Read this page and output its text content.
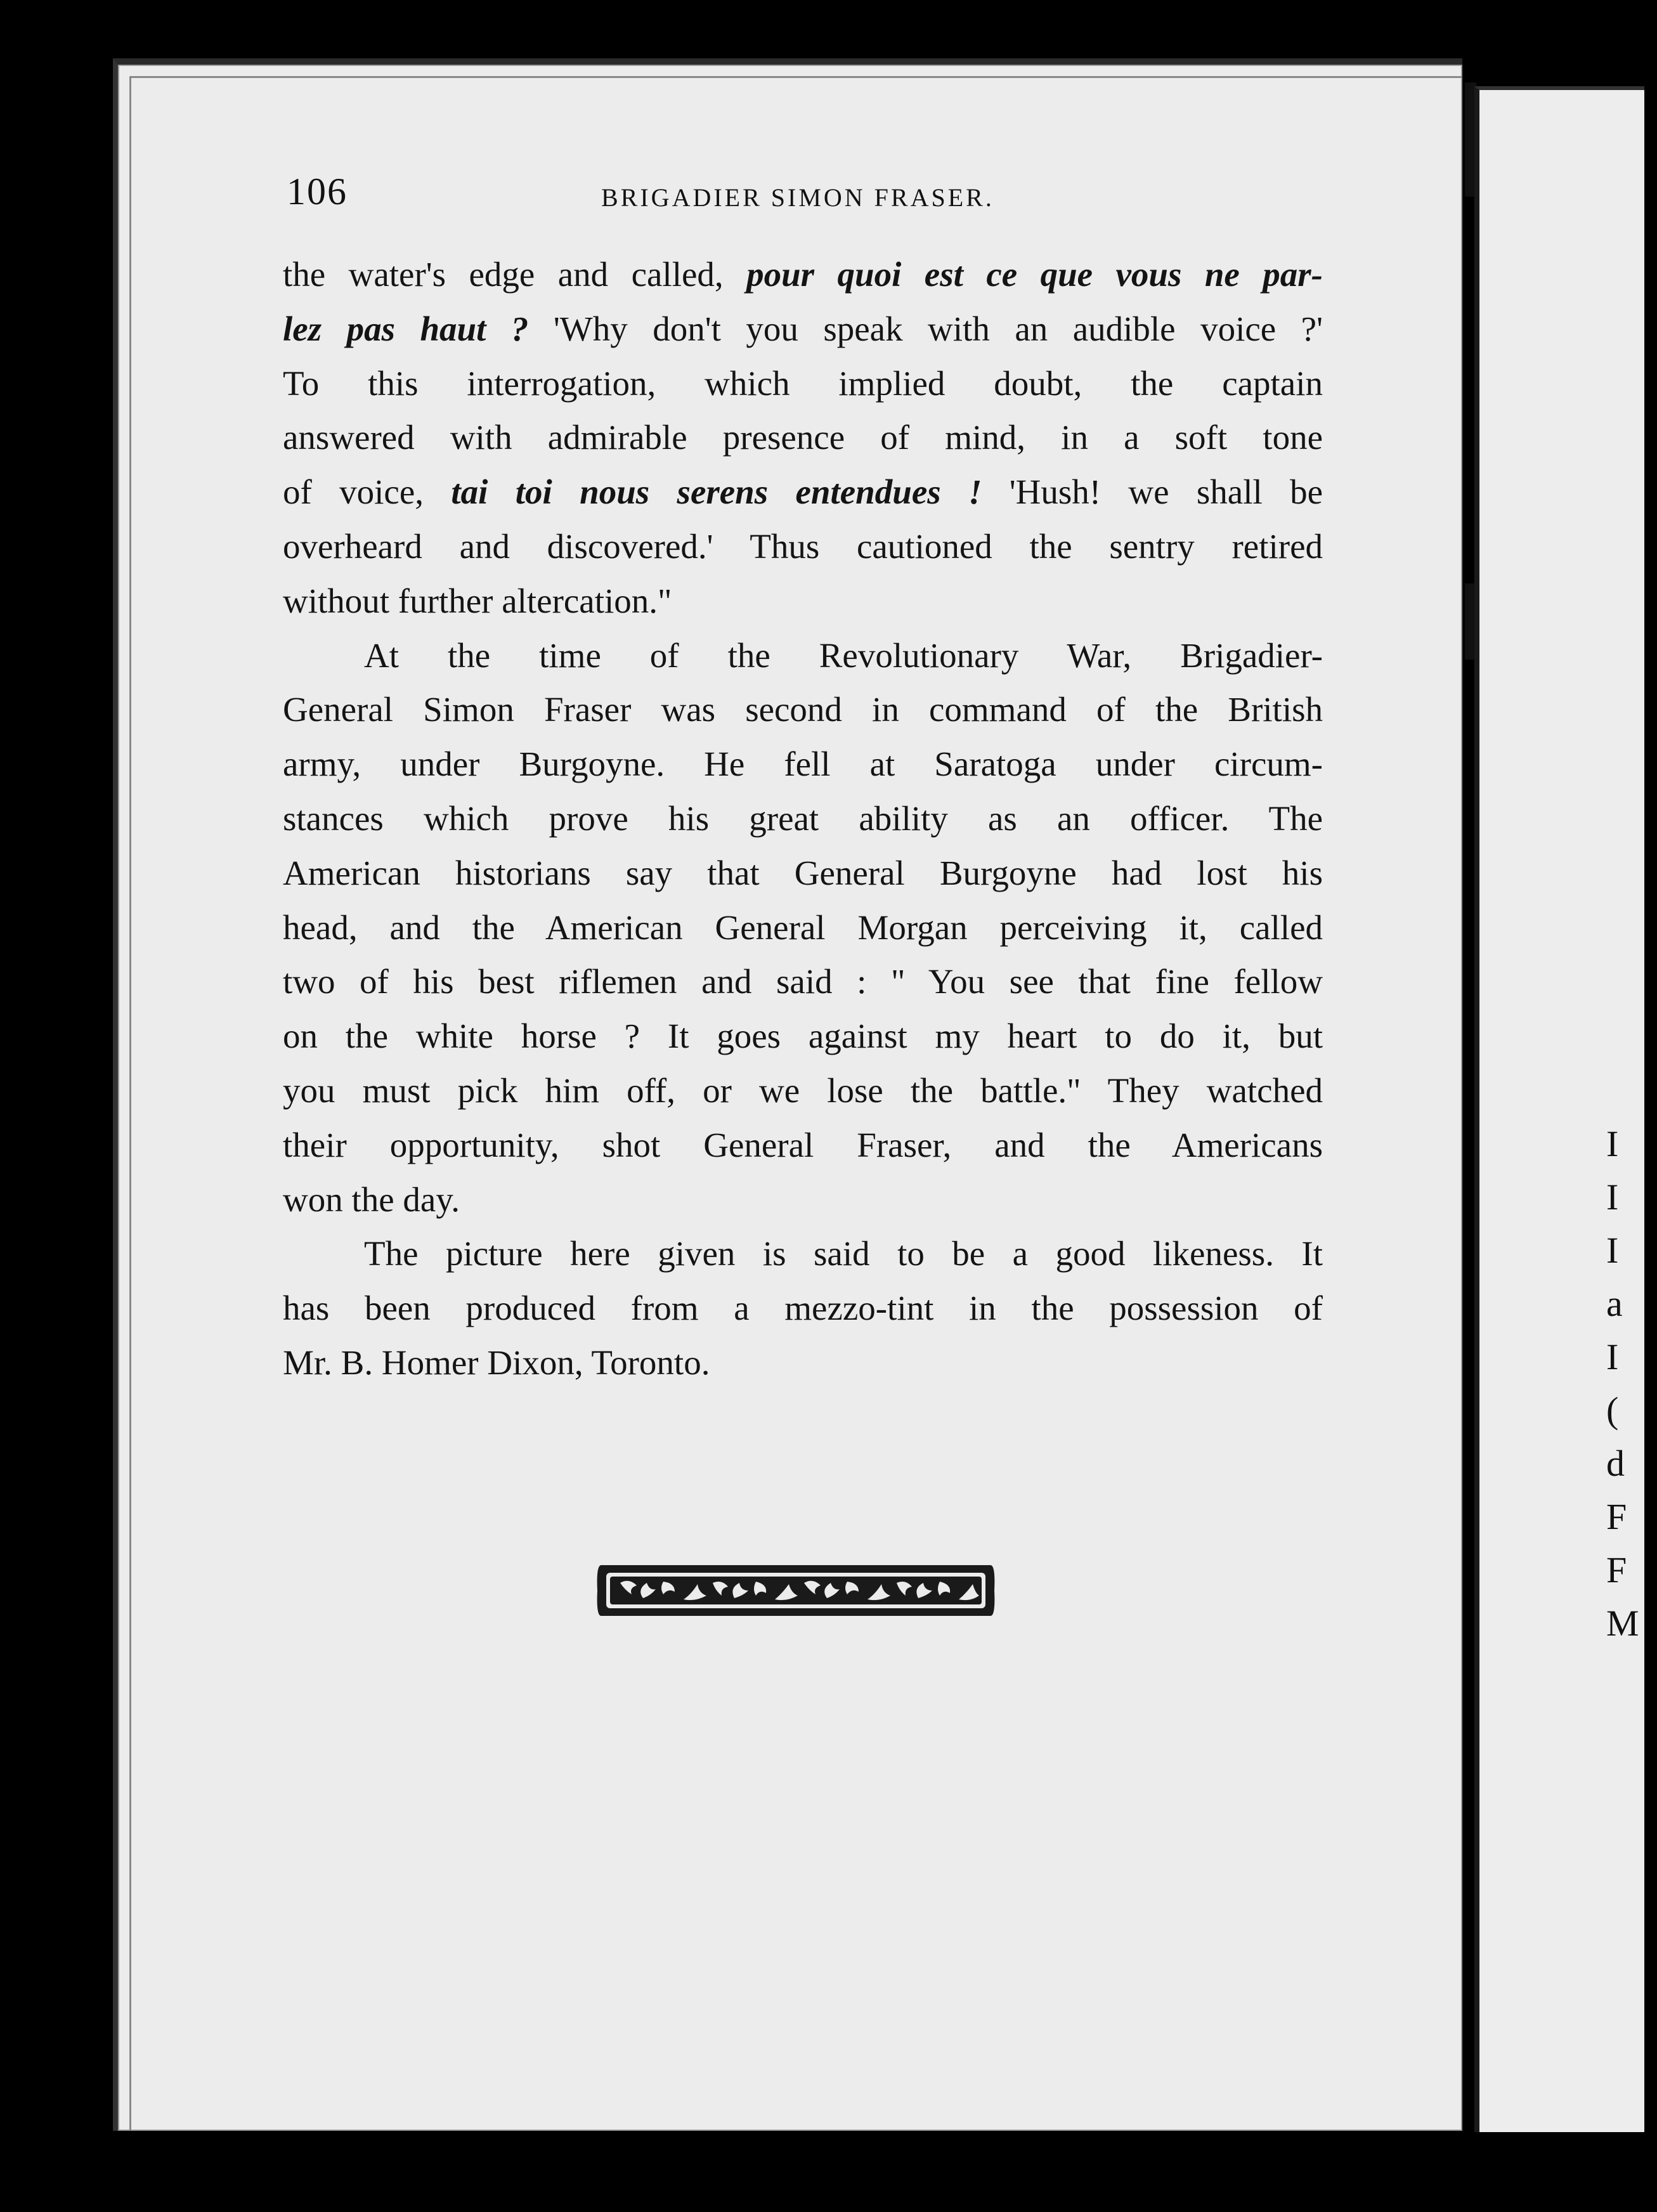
I
I
I
a
I
(
d
F
F
M
106	BRIGADIER SIMON FRASER.
the water's edge and called, pour quoi est ce que vous ne par-
lez pas haut ? 'Why don't you speak with an audible voice ?'
To this interrogation, which implied doubt, the captain
answered with admirable presence of mind, in a soft tone
of voice, tai toi nous serens entendues ! 'Hush! we shall be
overheard and discovered.' Thus cautioned the sentry retired
without further altercation."
At the time of the Revolutionary War, Brigadier-
General Simon Fraser was second in command of the British
army, under Burgoyne. He fell at Saratoga under circum-
stances which prove his great ability as an officer. The
American historians say that General Burgoyne had lost his
head, and the American General Morgan perceiving it, called
two of his best riflemen and said : " You see that fine fellow
on the white horse ? It goes against my heart to do it, but
you must pick him off, or we lose the battle." They watched
their opportunity, shot General Fraser, and the Americans
won the day.
The picture here given is said to be a good likeness. It
has been produced from a mezzo-tint in the possession of
Mr. B. Homer Dixon, Toronto.
